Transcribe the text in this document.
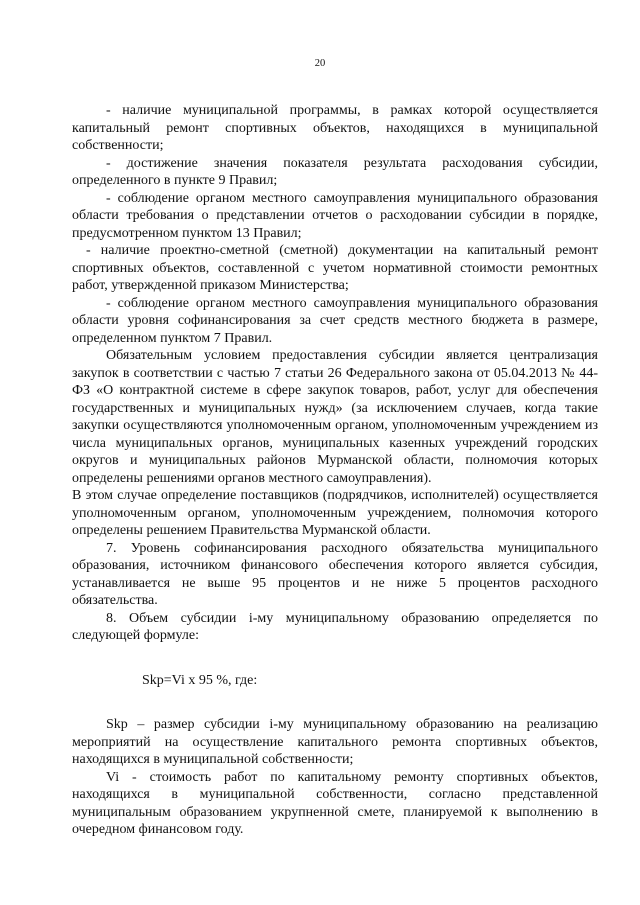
20

- наличие муниципальной программы, в рамках которой осуществляется капитальный ремонт спортивных объектов, находящихся в муниципальной собственности;

- достижение значения показателя результата расходования субсидии, определенного в пункте 9 Правил;

- соблюдение органом местного самоуправления муниципального образования области требования о представлении отчетов о расходовании субсидии в порядке, предусмотренном пунктом 13 Правил;

- наличие проектно-сметной (сметной) документации на капитальный ремонт спортивных объектов, составленной с учетом нормативной стоимости ремонтных работ, утвержденной приказом Министерства;

- соблюдение органом местного самоуправления муниципального образования области уровня софинансирования за счет средств местного бюджета в размере, определенном пунктом 7 Правил.

Обязательным условием предоставления субсидии является централизация закупок в соответствии с частью 7 статьи 26 Федерального закона от 05.04.2013 № 44-ФЗ «О контрактной системе в сфере закупок товаров, работ, услуг для обеспечения государственных и муниципальных нужд» (за исключением случаев, когда такие закупки осуществляются уполномоченным органом, уполномоченным учреждением из числа муниципальных органов, муниципальных казенных учреждений городских округов и муниципальных районов Мурманской области, полномочия которых определены решениями органов местного самоуправления).

В этом случае определение поставщиков (подрядчиков, исполнителей) осуществляется уполномоченным органом, уполномоченным учреждением, полномочия которого определены решением Правительства Мурманской области.

7. Уровень софинансирования расходного обязательства муниципального образования, источником финансового обеспечения которого является субсидия, устанавливается не выше 95 процентов и не ниже 5 процентов расходного обязательства.

8. Объем субсидии i-му муниципальному образованию определяется по следующей формуле:

Skp=Vi x 95 %, где:

Skp – размер субсидии i-му муниципальному образованию на реализацию мероприятий на осуществление капитального ремонта спортивных объектов, находящихся в муниципальной собственности;

Vi - стоимость работ по капитальному ремонту спортивных объектов, находящихся в муниципальной собственности, согласно представленной муниципальным образованием укрупненной смете, планируемой к выполнению в очередном финансовом году.
